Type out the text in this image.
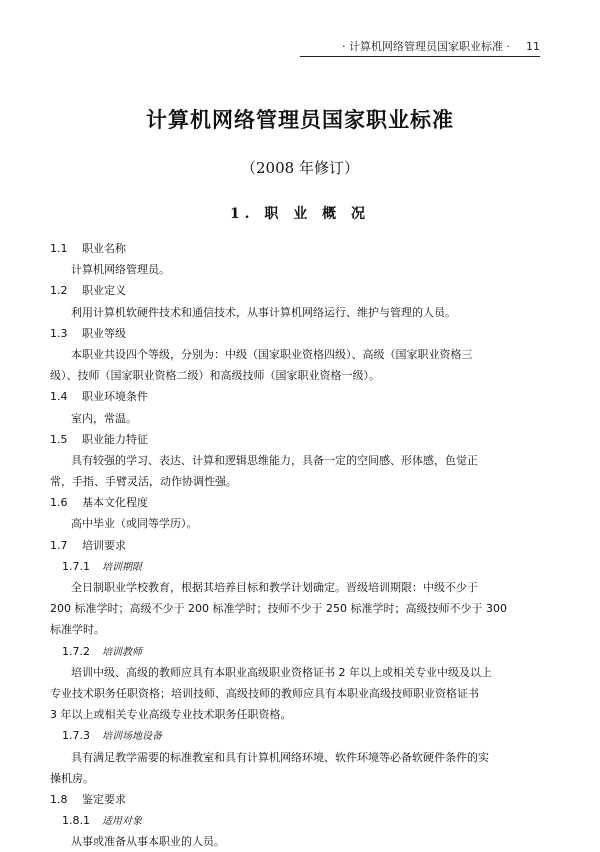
· 计算机网络管理员国家职业标准 · 11
计算机网络管理员国家职业标准
（2008 年修订）
1. 职 业 概 况
1.1 职业名称
计算机网络管理员。
1.2 职业定义
利用计算机软硬件技术和通信技术，从事计算机网络运行、维护与管理的人员。
1.3 职业等级
本职业共设四个等级，分别为：中级（国家职业资格四级）、高级（国家职业资格三
级）、技师（国家职业资格二级）和高级技师（国家职业资格一级）。
1.4 职业环境条件
室内，常温。
1.5 职业能力特征
具有较强的学习、表达、计算和逻辑思维能力，具备一定的空间感、形体感，色觉正
常，手指、手臂灵活，动作协调性强。
1.6 基本文化程度
高中毕业（或同等学历）。
1.7 培训要求
1.7.1 培训期限
全日制职业学校教育，根据其培养目标和教学计划确定。晋级培训期限：中级不少于
200 标准学时；高级不少于 200 标准学时；技师不少于 250 标准学时；高级技师不少于 300
标准学时。
1.7.2 培训教师
培训中级、高级的教师应具有本职业高级职业资格证书 2 年以上或相关专业中级及以上
专业技术职务任职资格；培训技师、高级技师的教师应具有本职业高级技师职业资格证书
3 年以上或相关专业高级专业技术职务任职资格。
1.7.3 培训场地设备
具有满足教学需要的标准教室和具有计算机网络环境、软件环境等必备软硬件条件的实
操机房。
1.8 鉴定要求
1.8.1 适用对象
从事或准备从事本职业的人员。
